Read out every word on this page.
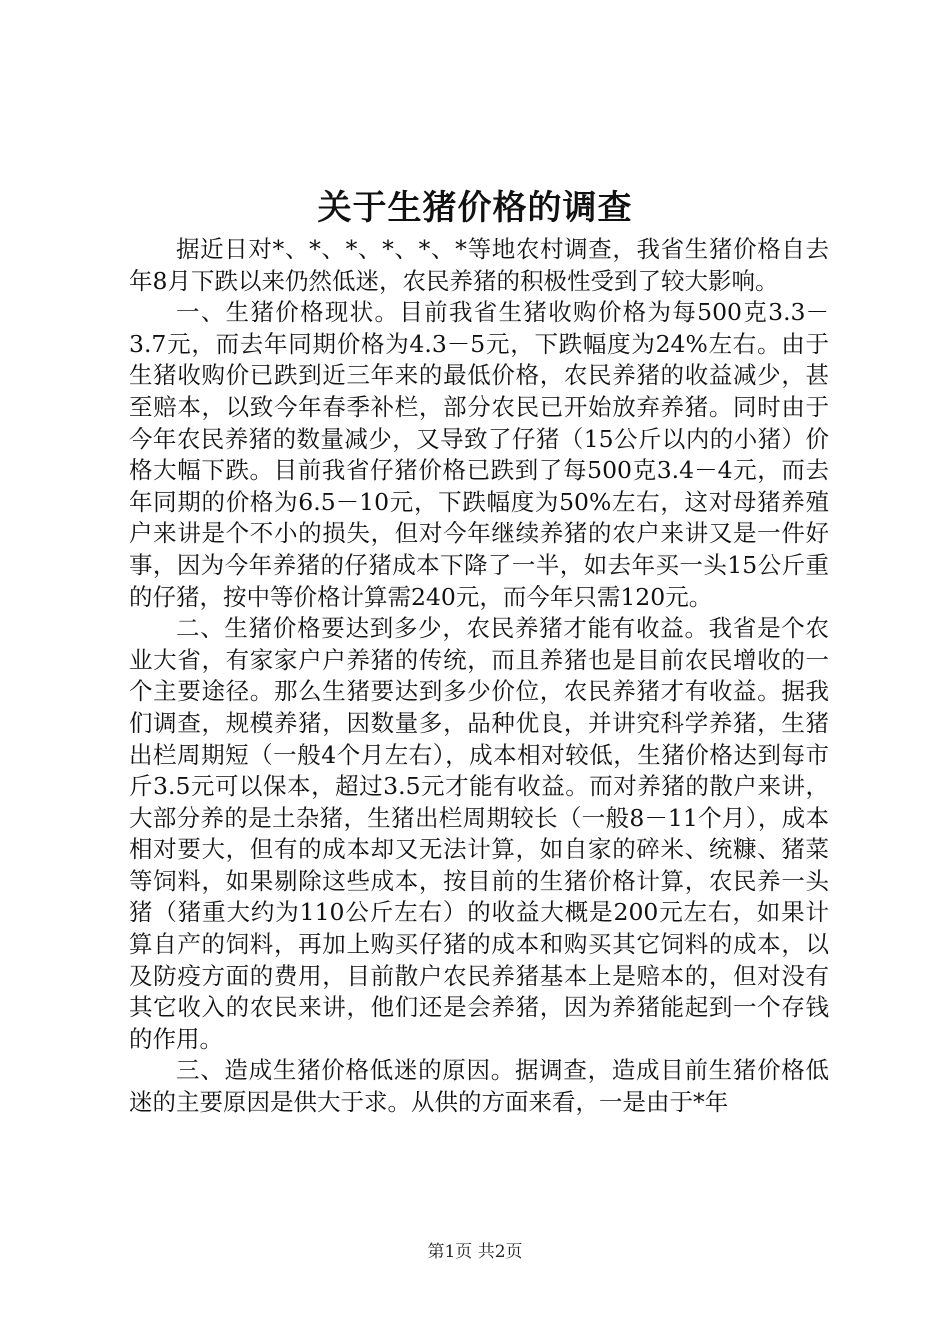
关于生猪价格的调查

据近日对*、*、*、*、*、*等地农村调查，我省生猪价格自去年8月下跌以来仍然低迷，农民养猪的积极性受到了较大影响。

一、生猪价格现状。目前我省生猪收购价格为每500克3.3－3.7元，而去年同期价格为4.3－5元，下跌幅度为24%左右。由于生猪收购价已跌到近三年来的最低价格，农民养猪的收益减少，甚至赔本，以致今年春季补栏，部分农民已开始放弃养猪。同时由于今年农民养猪的数量减少，又导致了仔猪（15公斤以内的小猪）价格大幅下跌。目前我省仔猪价格已跌到了每500克3.4－4元，而去年同期的价格为6.5－10元，下跌幅度为50%左右，这对母猪养殖户来讲是个不小的损失，但对今年继续养猪的农户来讲又是一件好事，因为今年养猪的仔猪成本下降了一半，如去年买一头15公斤重的仔猪，按中等价格计算需240元，而今年只需120元。

二、生猪价格要达到多少，农民养猪才能有收益。我省是个农业大省，有家家户户养猪的传统，而且养猪也是目前农民增收的一个主要途径。那么生猪要达到多少价位，农民养猪才有收益。据我们调查，规模养猪，因数量多，品种优良，并讲究科学养猪，生猪出栏周期短（一般4个月左右），成本相对较低，生猪价格达到每市斤3.5元可以保本，超过3.5元才能有收益。而对养猪的散户来讲，大部分养的是土杂猪，生猪出栏周期较长（一般8－11个月），成本相对要大，但有的成本却又无法计算，如自家的碎米、统糠、猪菜等饲料，如果剔除这些成本，按目前的生猪价格计算，农民养一头猪（猪重大约为110公斤左右）的收益大概是200元左右，如果计算自产的饲料，再加上购买仔猪的成本和购买其它饲料的成本，以及防疫方面的费用，目前散户农民养猪基本上是赔本的，但对没有其它收入的农民来讲，他们还是会养猪，因为养猪能起到一个存钱的作用。

三、造成生猪价格低迷的原因。据调查，造成目前生猪价格低迷的主要原因是供大于求。从供的方面来看，一是由于*年

第1页 共2页
